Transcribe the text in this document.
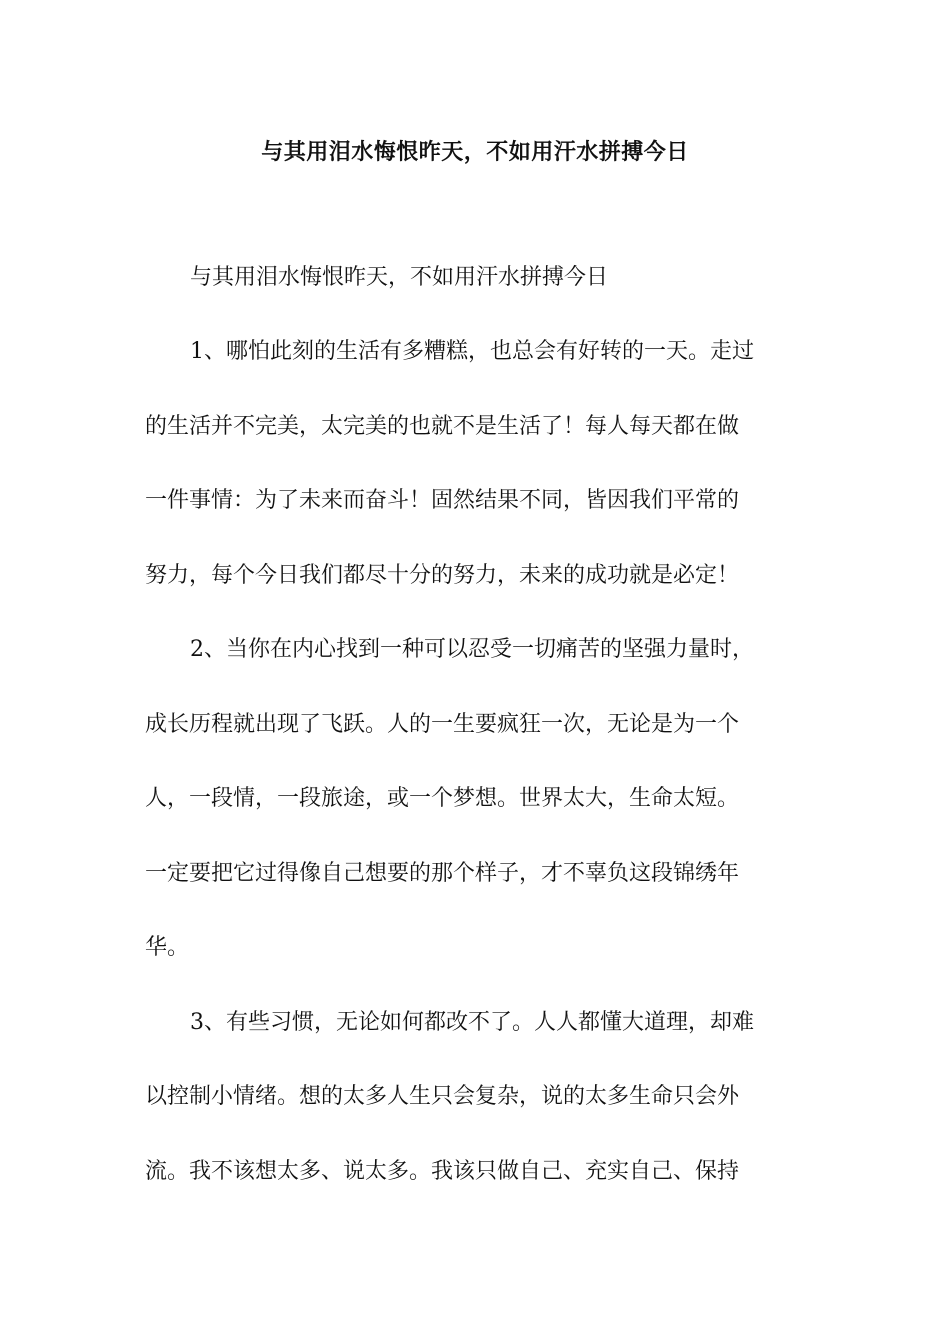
与其用泪水悔恨昨天，不如用汗水拼搏今日

与其用泪水悔恨昨天，不如用汗水拼搏今日

1、哪怕此刻的生活有多糟糕，也总会有好转的一天。走过

的生活并不完美，太完美的也就不是生活了！每人每天都在做

一件事情：为了未来而奋斗！固然结果不同，皆因我们平常的

努力，每个今日我们都尽十分的努力，未来的成功就是必定！

2、当你在内心找到一种可以忍受一切痛苦的坚强力量时，

成长历程就出现了飞跃。人的一生要疯狂一次，无论是为一个

人，一段情，一段旅途，或一个梦想。世界太大，生命太短。

一定要把它过得像自己想要的那个样子，才不辜负这段锦绣年

华。

3、有些习惯，无论如何都改不了。人人都懂大道理，却难

以控制小情绪。想的太多人生只会复杂，说的太多生命只会外

流。我不该想太多、说太多。我该只做自己、充实自己、保持
